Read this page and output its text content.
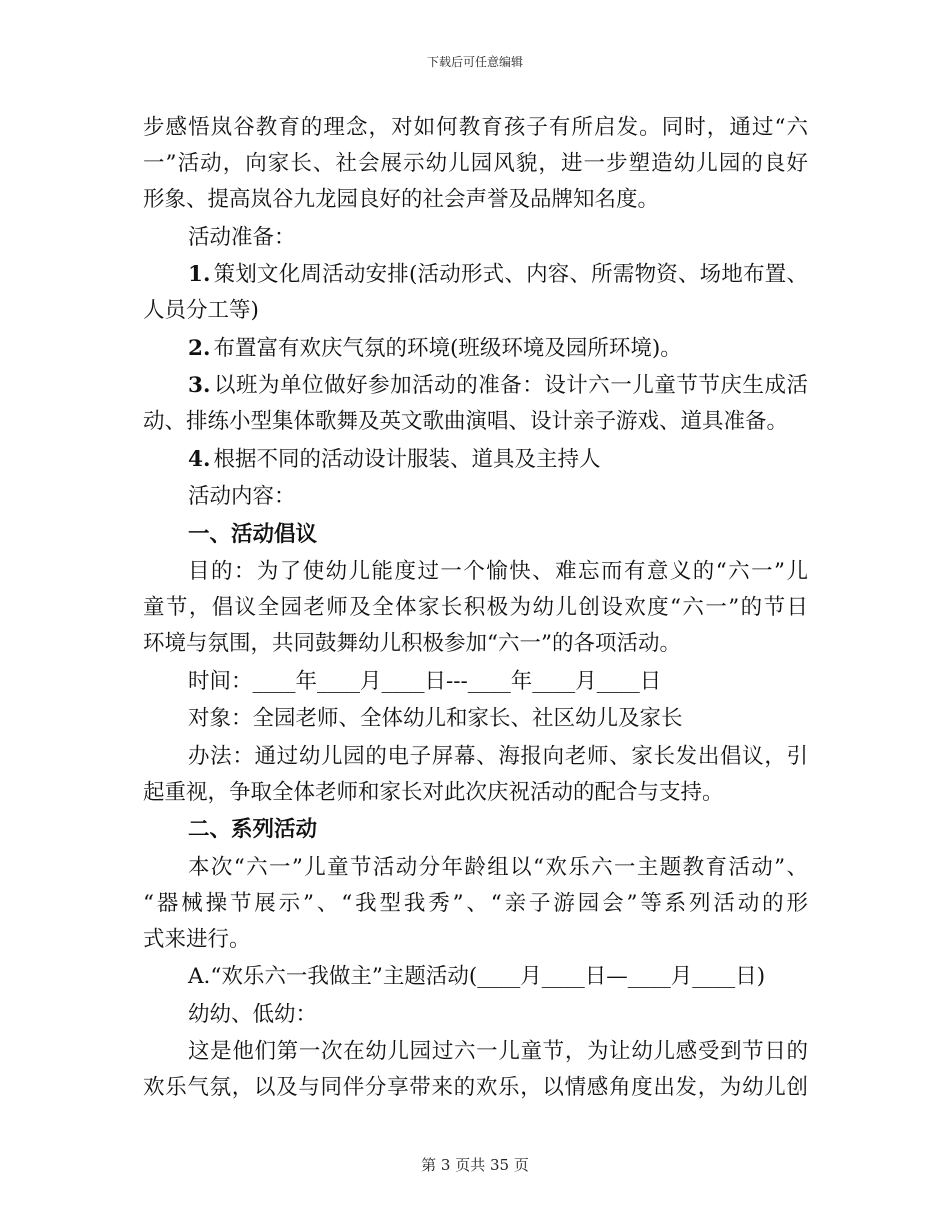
下载后可任意编辑
步感悟岚谷教育的理念，对如何教育孩子有所启发。同时，通过“六
一”活动，向家长、社会展示幼儿园风貌，进一步塑造幼儿园的良好
形象、提高岚谷九龙园良好的社会声誉及品牌知名度。
活动准备：
1. 策划文化周活动安排(活动形式、内容、所需物资、场地布置、
人员分工等)
2. 布置富有欢庆气氛的环境(班级环境及园所环境)。
3. 以班为单位做好参加活动的准备：设计六一儿童节节庆生成活
动、排练小型集体歌舞及英文歌曲演唱、设计亲子游戏、道具准备。
4. 根据不同的活动设计服装、道具及主持人
活动内容：
一、活动倡议
目的：为了使幼儿能度过一个愉快、难忘而有意义的“六一”儿
童节，倡议全园老师及全体家长积极为幼儿创设欢度“六一”的节日
环境与氛围，共同鼓舞幼儿积极参加“六一”的各项活动。
时间：____年____月____日---____年____月____日
对象：全园老师、全体幼儿和家长、社区幼儿及家长
办法：通过幼儿园的电子屏幕、海报向老师、家长发出倡议，引
起重视，争取全体老师和家长对此次庆祝活动的配合与支持。
二、系列活动
本次“六一”儿童节活动分年龄组以“欢乐六一主题教育活动”、
“器械操节展示”、“我型我秀”、“亲子游园会”等系列活动的形
式来进行。
A.“欢乐六一我做主”主题活动(____月____日—____月____日)
幼幼、低幼：
这是他们第一次在幼儿园过六一儿童节，为让幼儿感受到节日的
欢乐气氛，以及与同伴分享带来的欢乐，以情感角度出发，为幼儿创
第 3 页共 35 页
